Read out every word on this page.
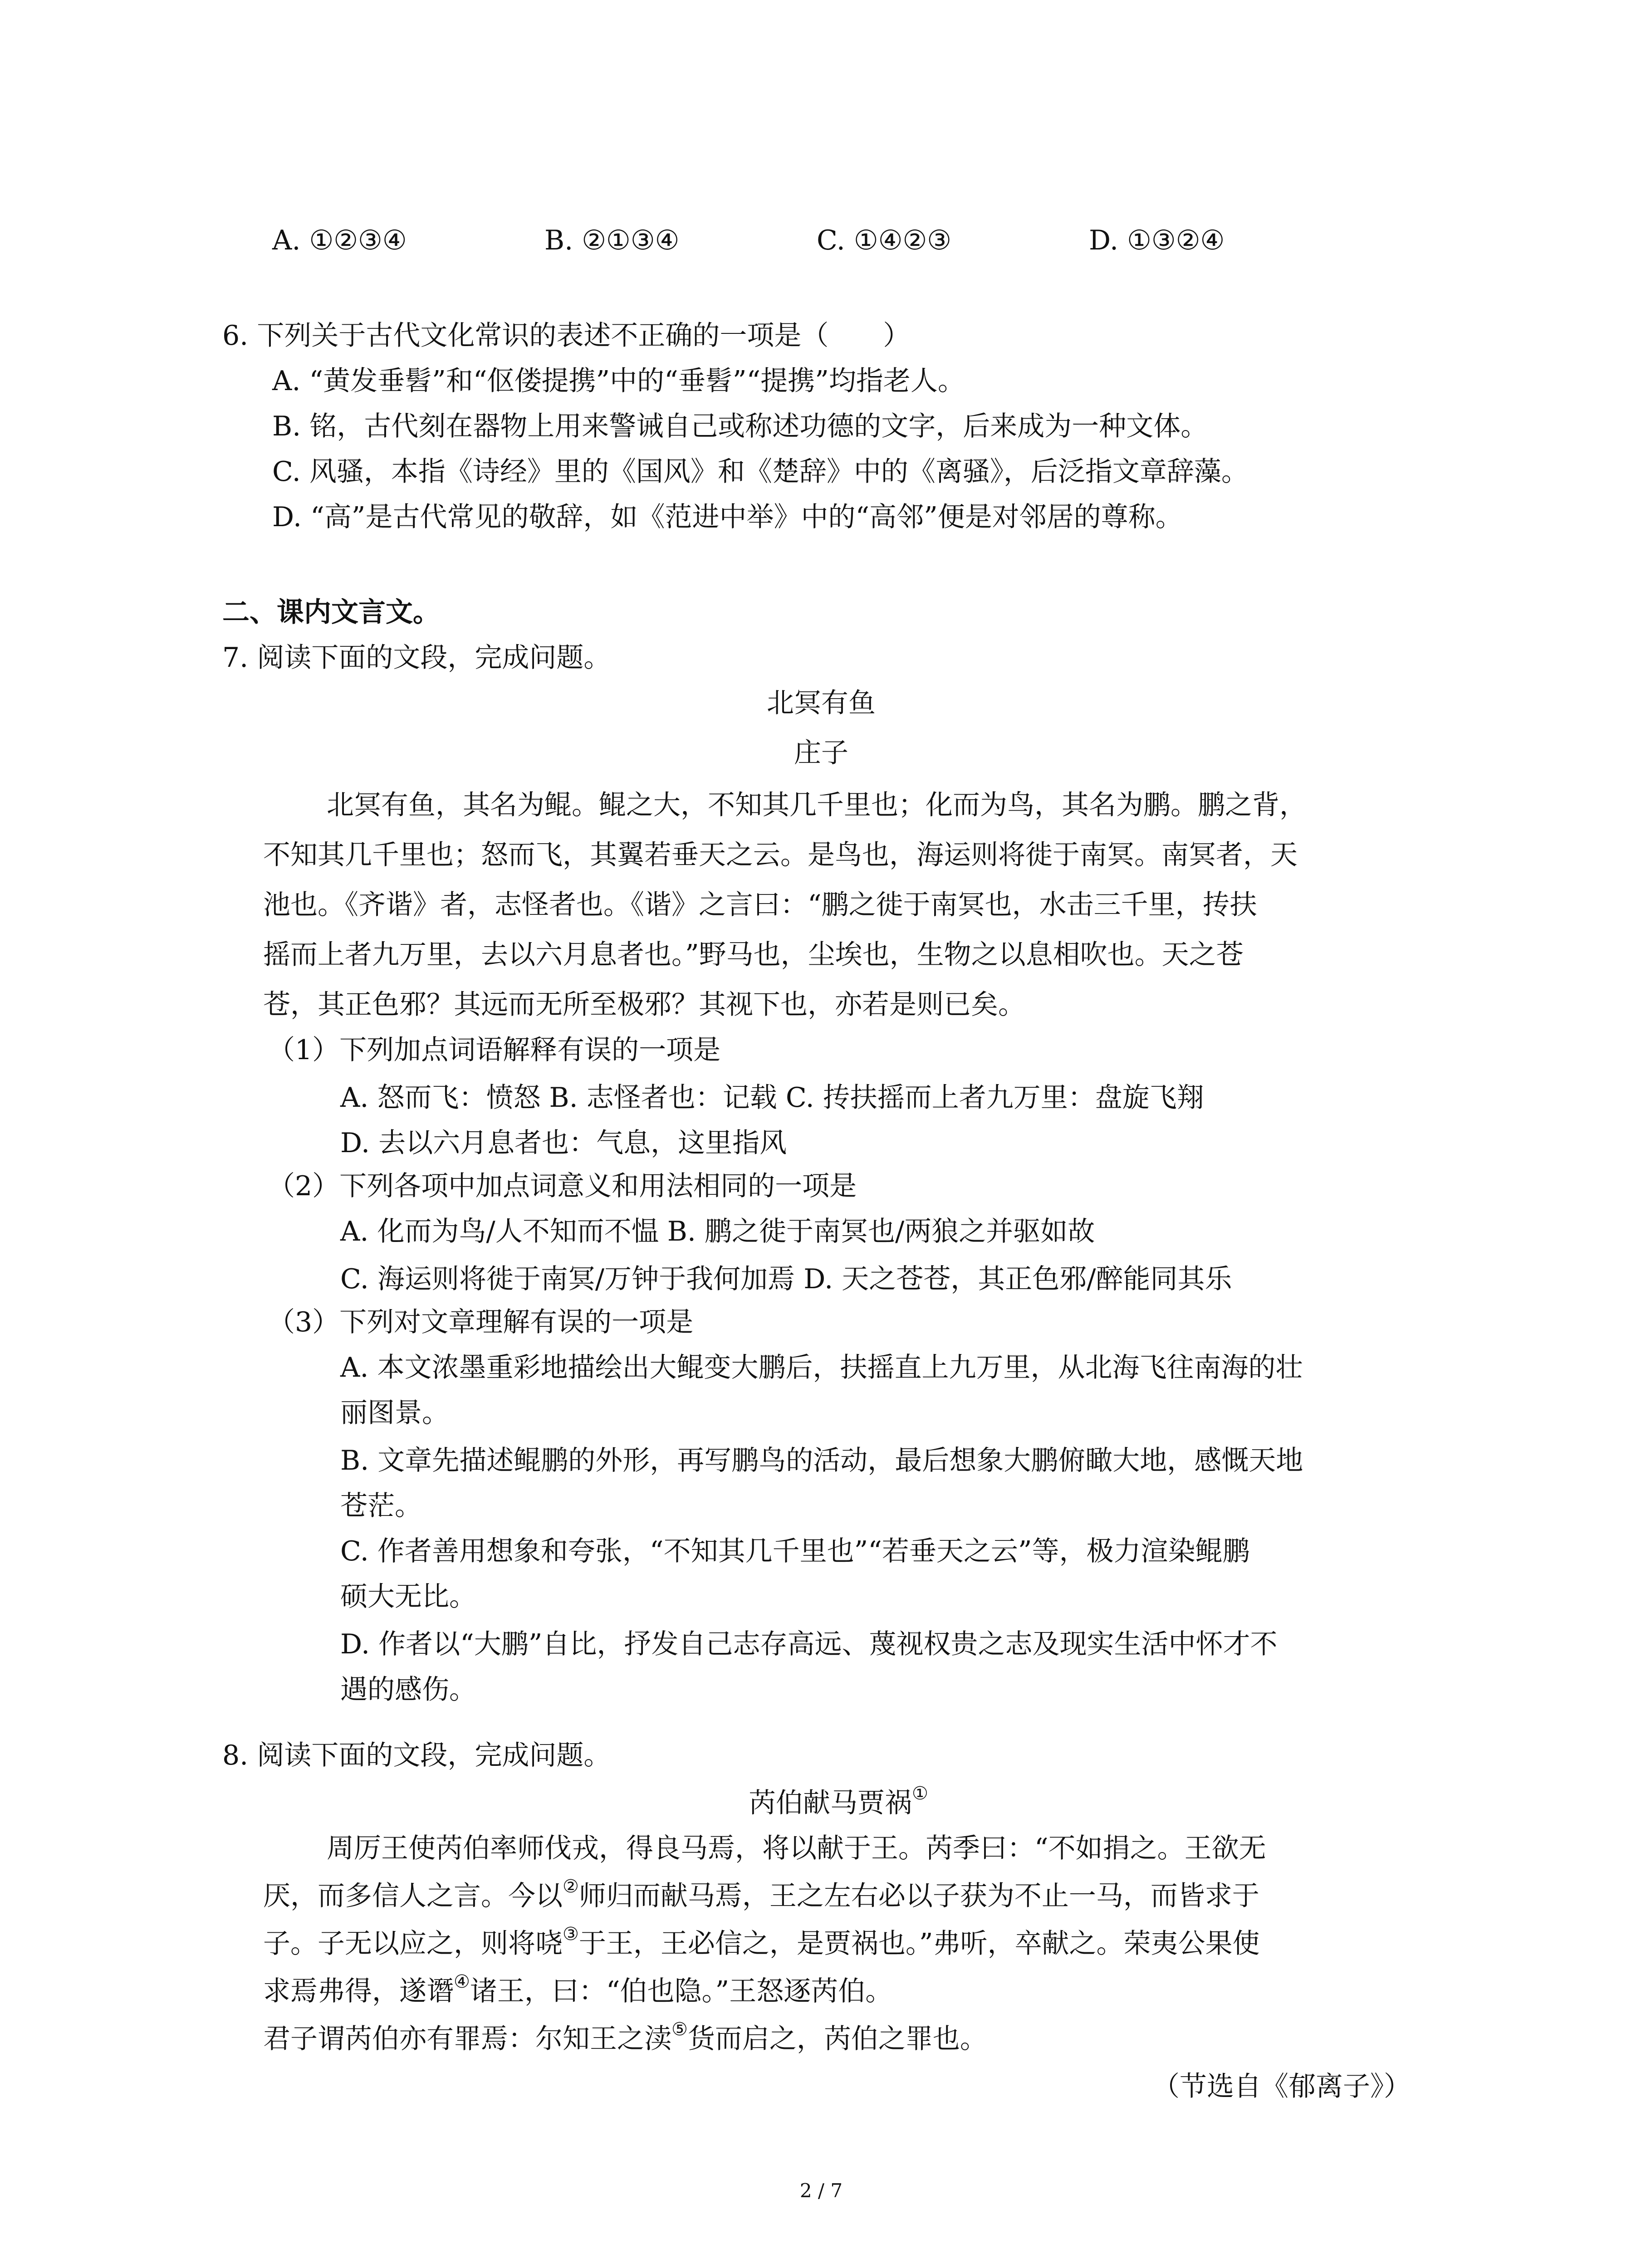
A. ①②③④	B. ②①③④	C. ①④②③	D. ①③②④
6. 下列关于古代文化常识的表述不正确的一项是（　　）
A. “黄发垂髫”和“伛偻提携”中的“垂髫”“提携”均指老人。
B. 铭，古代刻在器物上用来警诫自己或称述功德的文字，后来成为一种文体。
C. 风骚，本指《诗经》里的《国风》和《楚辞》中的《离骚》，后泛指文章辞藻。
D. “高”是古代常见的敬辞，如《范进中举》中的“高邻”便是对邻居的尊称。
二、课内文言文。
7. 阅读下面的文段，完成问题。
北冥有鱼
庄子
北冥有鱼，其名为鲲。鲲之大，不知其几千里也；化而为鸟，其名为鹏。鹏之背，
不知其几千里也；怒而飞，其翼若垂天之云。是鸟也，海运则将徙于南冥。南冥者，天
池也。《齐谐》者，志怪者也。《谐》之言曰：“鹏之徙于南冥也，水击三千里，抟扶
摇而上者九万里，去以六月息者也。”野马也，尘埃也，生物之以息相吹也。天之苍
苍，其正色邪？其远而无所至极邪？其视下也，亦若是则已矣。
（1）下列加点词语解释有误的一项是
A. 怒而飞：愤怒 B. 志怪者也：记载 C. 抟扶摇而上者九万里：盘旋飞翔
D. 去以六月息者也：气息，这里指风
（2）下列各项中加点词意义和用法相同的一项是
A. 化而为鸟/人不知而不愠 B. 鹏之徙于南冥也/两狼之并驱如故
C. 海运则将徙于南冥/万钟于我何加焉 D. 天之苍苍，其正色邪/醉能同其乐
（3）下列对文章理解有误的一项是
A. 本文浓墨重彩地描绘出大鲲变大鹏后，扶摇直上九万里，从北海飞往南海的壮
丽图景。
B. 文章先描述鲲鹏的外形，再写鹏鸟的活动，最后想象大鹏俯瞰大地，感慨天地
苍茫。
C. 作者善用想象和夸张，“不知其几千里也”“若垂天之云”等，极力渲染鲲鹏
硕大无比。
D. 作者以“大鹏”自比，抒发自己志存高远、蔑视权贵之志及现实生活中怀才不
遇的感伤。
8. 阅读下面的文段，完成问题。
芮伯献马贾祸①
周厉王使芮伯率师伐戎，得良马焉，将以献于王。芮季曰：“不如捐之。王欲无
厌，而多信人之言。今以②师归而献马焉，王之左右必以子获为不止一马，而皆求于
子。子无以应之，则将哓③于王，王必信之，是贾祸也。”弗听，卒献之。荣夷公果使
求焉弗得，遂谮④诸王，曰：“伯也隐。”王怒逐芮伯。
君子谓芮伯亦有罪焉：尔知王之渎⑤货而启之，芮伯之罪也。
（节选自《郁离子》）
2 / 7
